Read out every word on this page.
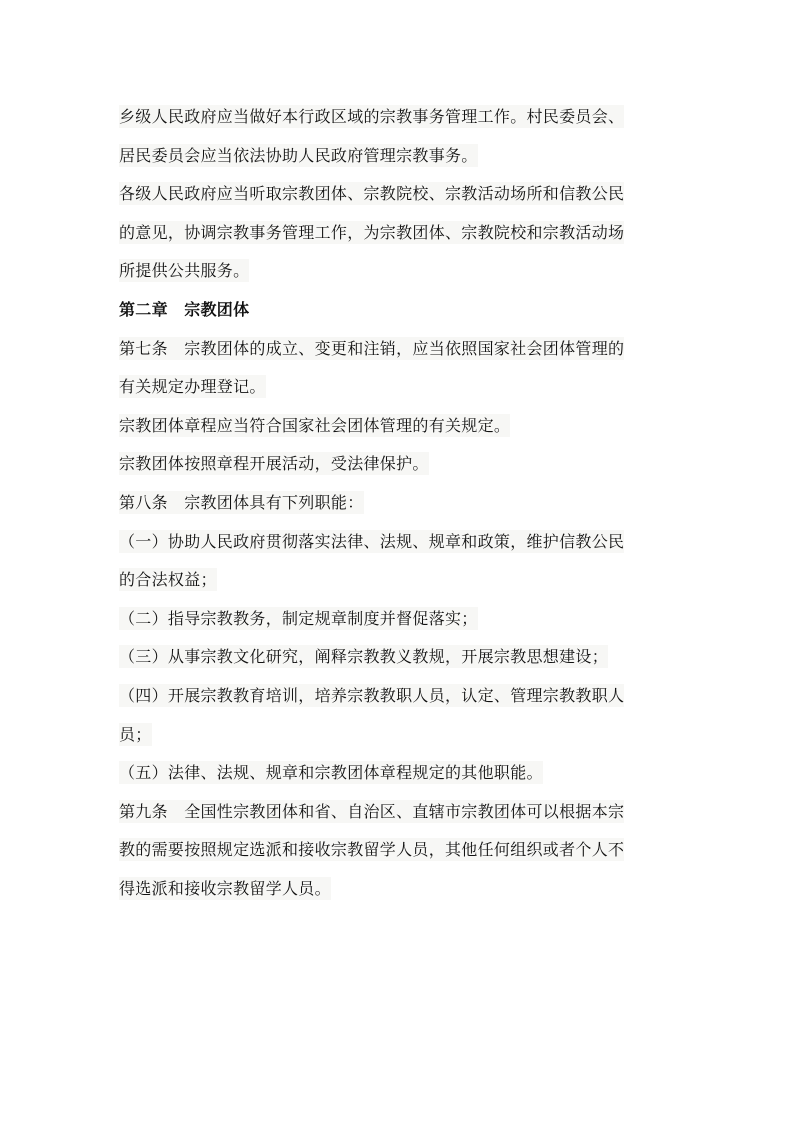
乡级人民政府应当做好本行政区域的宗教事务管理工作。村民委员会、
居民委员会应当依法协助人民政府管理宗教事务。
各级人民政府应当听取宗教团体、宗教院校、宗教活动场所和信教公民
的意见，协调宗教事务管理工作，为宗教团体、宗教院校和宗教活动场
所提供公共服务。
第二章　宗教团体
第七条　宗教团体的成立、变更和注销，应当依照国家社会团体管理的
有关规定办理登记。
宗教团体章程应当符合国家社会团体管理的有关规定。
宗教团体按照章程开展活动，受法律保护。
第八条　宗教团体具有下列职能：
（一）协助人民政府贯彻落实法律、法规、规章和政策，维护信教公民
的合法权益；
（二）指导宗教教务，制定规章制度并督促落实；
（三）从事宗教文化研究，阐释宗教教义教规，开展宗教思想建设；
（四）开展宗教教育培训，培养宗教教职人员，认定、管理宗教教职人
员；
（五）法律、法规、规章和宗教团体章程规定的其他职能。
第九条　全国性宗教团体和省、自治区、直辖市宗教团体可以根据本宗
教的需要按照规定选派和接收宗教留学人员，其他任何组织或者个人不
得选派和接收宗教留学人员。
